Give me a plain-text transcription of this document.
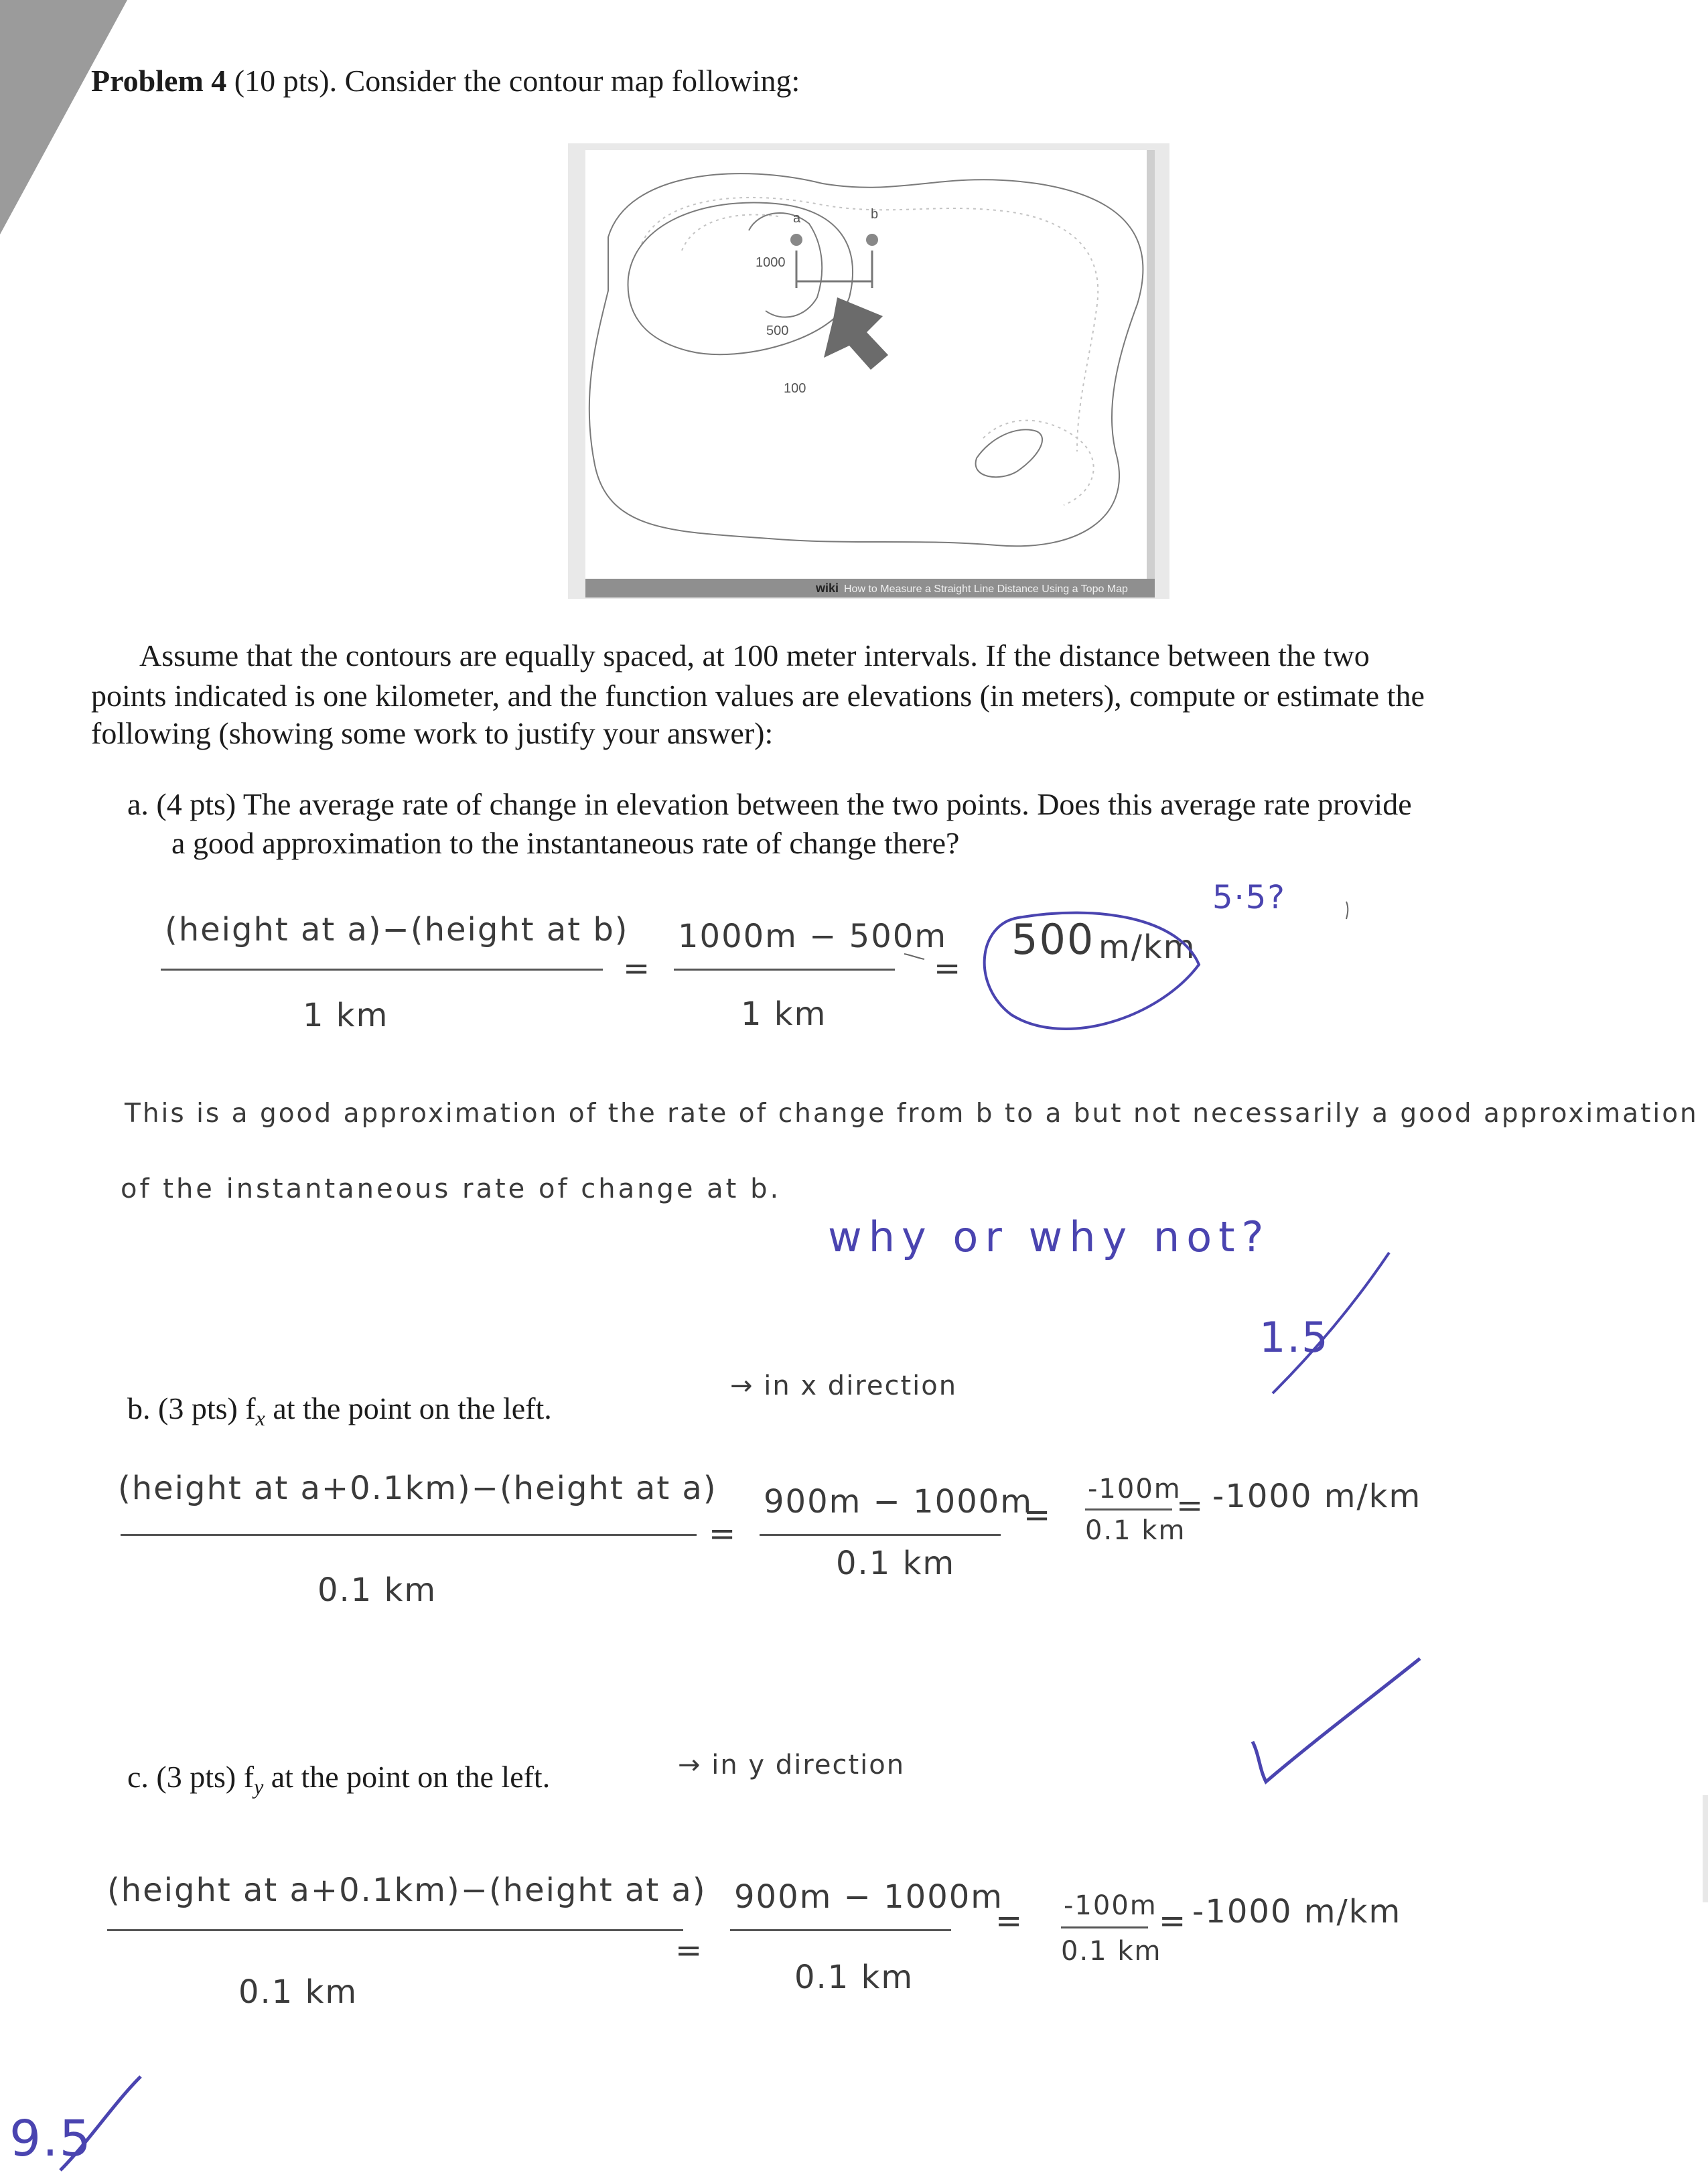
Problem 4 (10 pts). Consider the contour map following:
a	b
1000
500
100
wiki How to Measure a Straight Line Distance Using a Topo Map
Assume that the contours are equally spaced, at 100 meter intervals. If the distance between the two
points indicated is one kilometer, and the function values are elevations (in meters), compute or estimate the
following (showing some work to justify your answer):
a. (4 pts) The average rate of change in elevation between the two points. Does this average rate provide
a good approximation to the instantaneous rate of change there?
(height at a)−(height at b)
1 km
=
1000m − 500m
1 km
=
500 m/km
5·5?
This is a good approximation of the rate of change from b to a but not necessarily a good approximation
of the instantaneous rate of change at b.
why or why not?
1.5
b. (3 pts) $f_x$ at the point on the left.
→ in x direction
(height at a+0.1km)−(height at a)
0.1 km
=
900m − 1000m
0.1 km
=
-100m
0.1 km
= -1000 m/km
c. (3 pts) $f_y$ at the point on the left.	→ in y direction
(height at a+0.1km)−(height at a)
0.1 km
=
900m − 1000m
0.1 km
= -100m
0.1 km
= -1000 m/km
9.5
